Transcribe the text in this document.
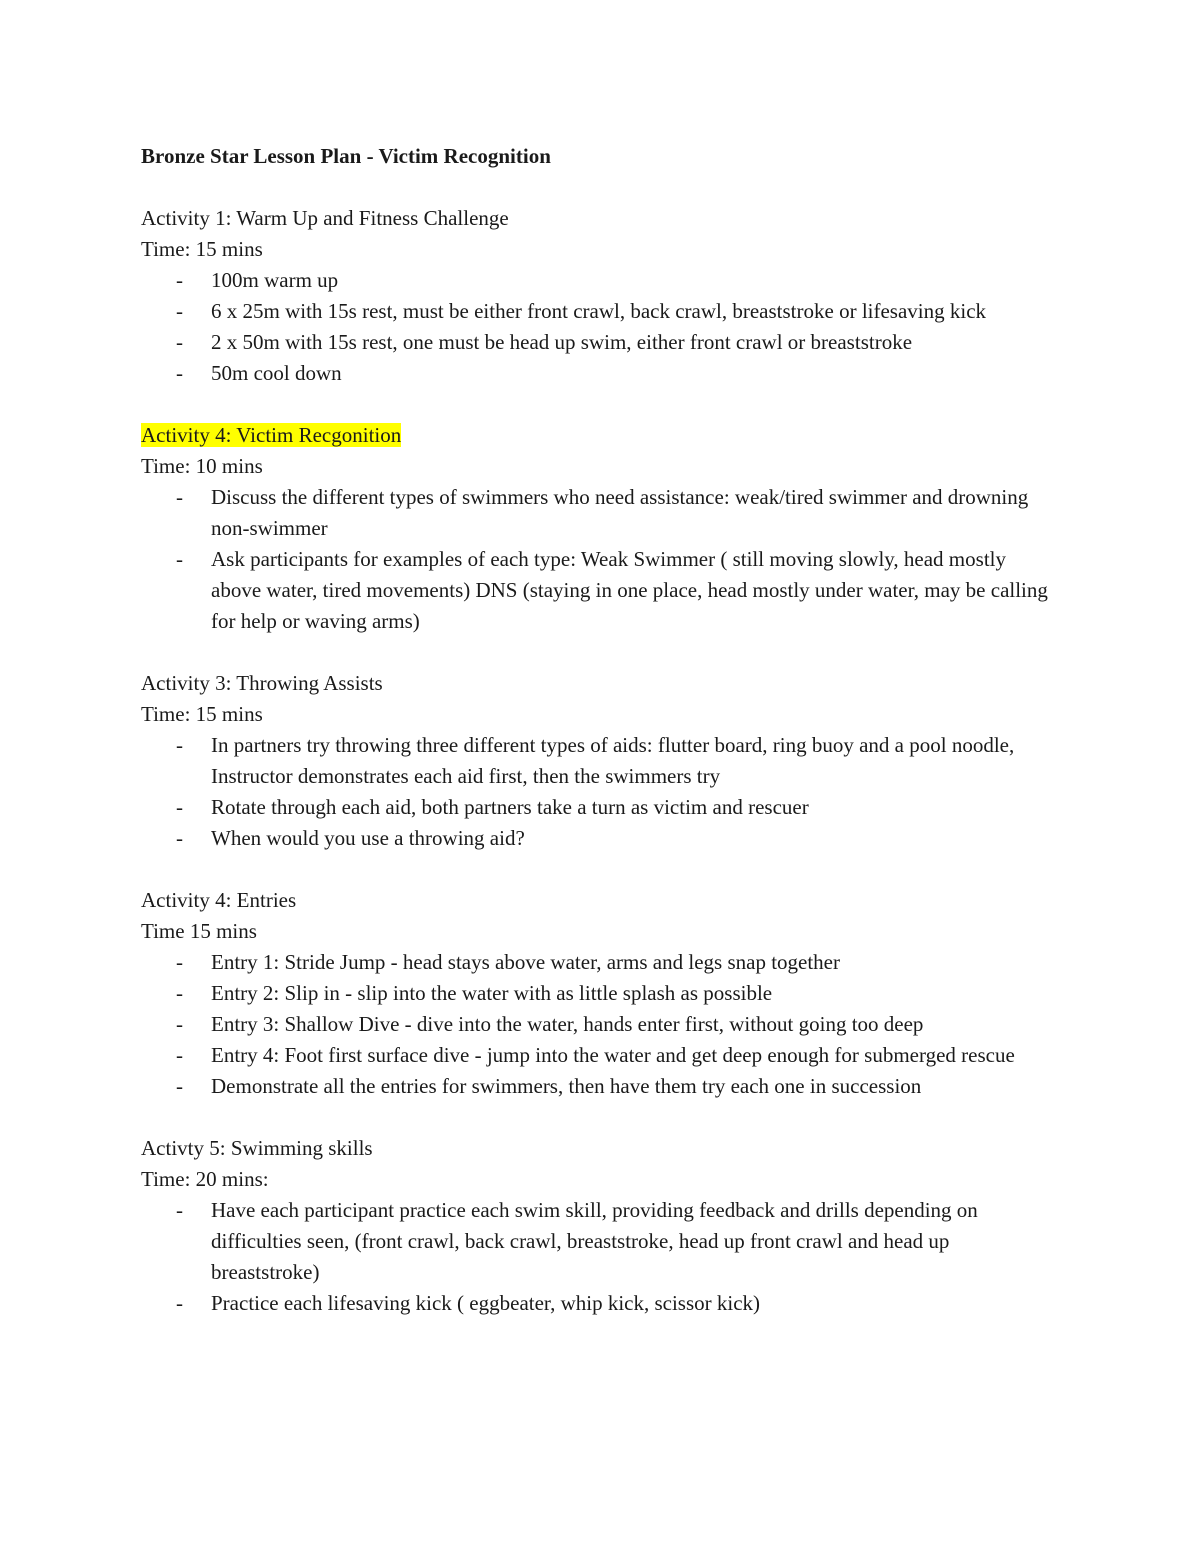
Bronze Star Lesson Plan - Victim Recognition
Activity 1: Warm Up and Fitness Challenge
Time: 15 mins
- 100m warm up
- 6 x 25m with 15s rest, must be either front crawl, back crawl, breaststroke or lifesaving kick
- 2 x 50m with 15s rest, one must be head up swim, either front crawl or breaststroke
- 50m cool down
Activity 4: Victim Recgonition
Time: 10 mins
- Discuss the different types of swimmers who need assistance: weak/tired swimmer and drowning non-swimmer
- Ask participants for examples of each type: Weak Swimmer ( still moving slowly, head mostly above water, tired movements) DNS (staying in one place, head mostly under water, may be calling for help or waving arms)
Activity 3: Throwing Assists
Time: 15 mins
- In partners try throwing three different types of aids: flutter board, ring buoy and a pool noodle, Instructor demonstrates each aid first, then the swimmers try
- Rotate through each aid, both partners take a turn as victim and rescuer
- When would you use a throwing aid?
Activity 4: Entries
Time 15 mins
- Entry 1: Stride Jump - head stays above water, arms and legs snap together
- Entry 2: Slip in - slip into the water with as little splash as possible
- Entry 3: Shallow Dive - dive into the water, hands enter first, without going too deep
- Entry 4: Foot first surface dive - jump into the water and get deep enough for submerged rescue
- Demonstrate all the entries for swimmers, then have them try each one in succession
Activty 5: Swimming skills
Time: 20 mins:
- Have each participant practice each swim skill, providing feedback and drills depending on difficulties seen, (front crawl, back crawl, breaststroke, head up front crawl and head up breaststroke)
- Practice each lifesaving kick ( eggbeater, whip kick, scissor kick)
